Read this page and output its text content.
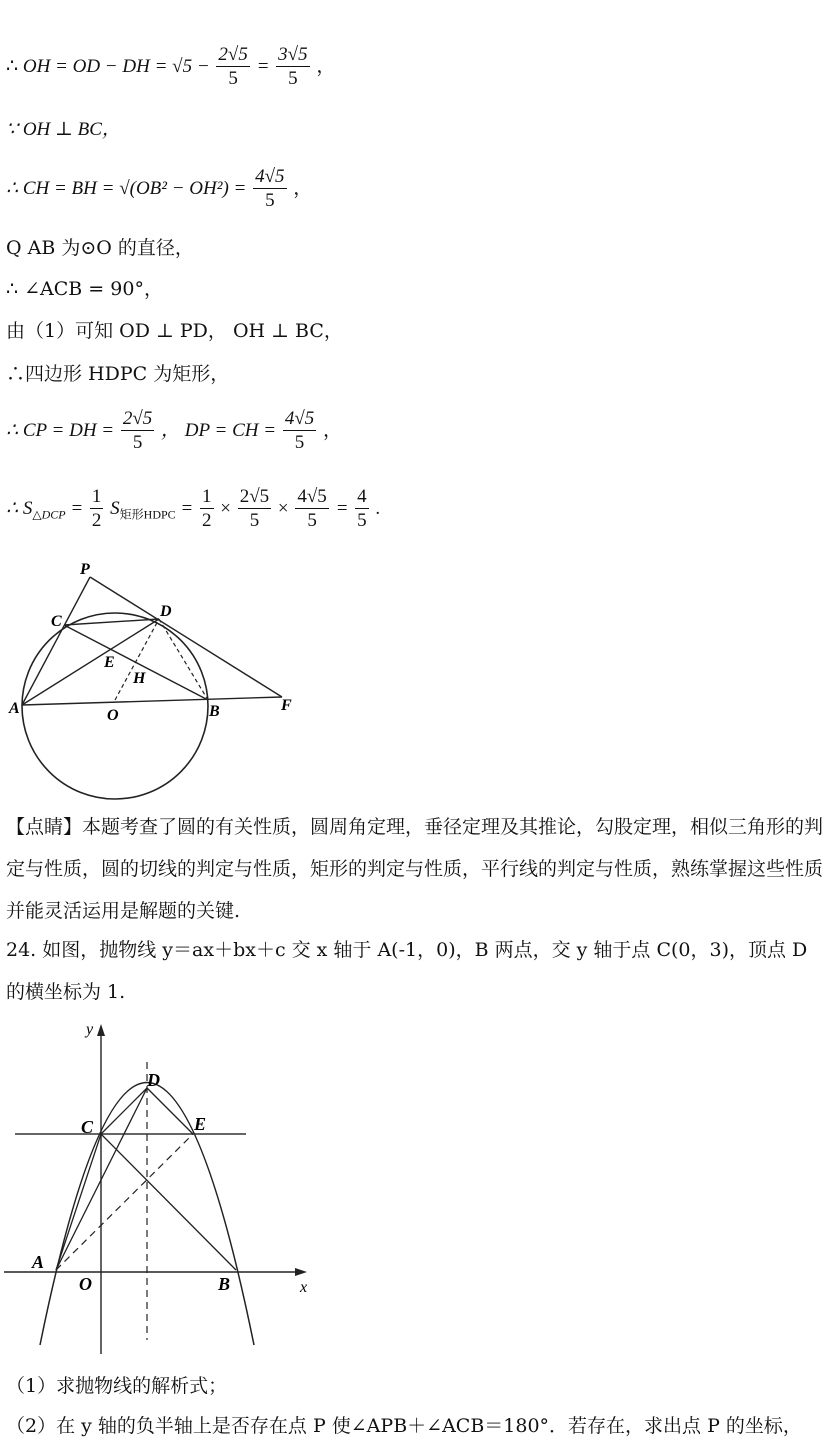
∴ OH = OD − DH = $√5 - \frac{2√5}{5} = \frac{3√5}{5}$ ，
∵ OH ⊥ BC，
∴ CH = BH = $√(OB^2 - OH^2) = \frac{4√5}{5}$ ，
Q AB 为⊙O 的直径，
∴ ∠ACB = 90°，
由（1）可知 OD ⊥ PD， OH ⊥ BC，
∴四边形 HDPC 为矩形，
∴ CP = DH = $\frac{2√5}{5}$ ， DP = CH = $\frac{4√5}{5}$ ，
∴ $S_{\triangle DCP} = \frac{1}{2} S_{矩形HDPC} = \frac{1}{2} \times \frac{2√5}{5} \times \frac{4√5}{5} = \frac{4}{5}$ .
P
C
D
E
H
A	O	B	F
【点睛】本题考查了圆的有关性质，圆周角定理，垂径定理及其推论，勾股定理，相似三角形的判定与性质，圆的切线的判定与性质，矩形的判定与性质，平行线的判定与性质，熟练掌握这些性质并能灵活运用是解题的关键.
24. 如图，抛物线 y＝ax＋bx＋c 交 x 轴于 A(-1，0)，B 两点，交 y 轴于点 C(0，3)，顶点 D
的横坐标为 1.
y
x
D
C	E
A
O	B
（1）求抛物线的解析式；
（2）在 y 轴的负半轴上是否存在点 P 使∠APB＋∠ACB＝180°．若存在，求出点 P 的坐标，
